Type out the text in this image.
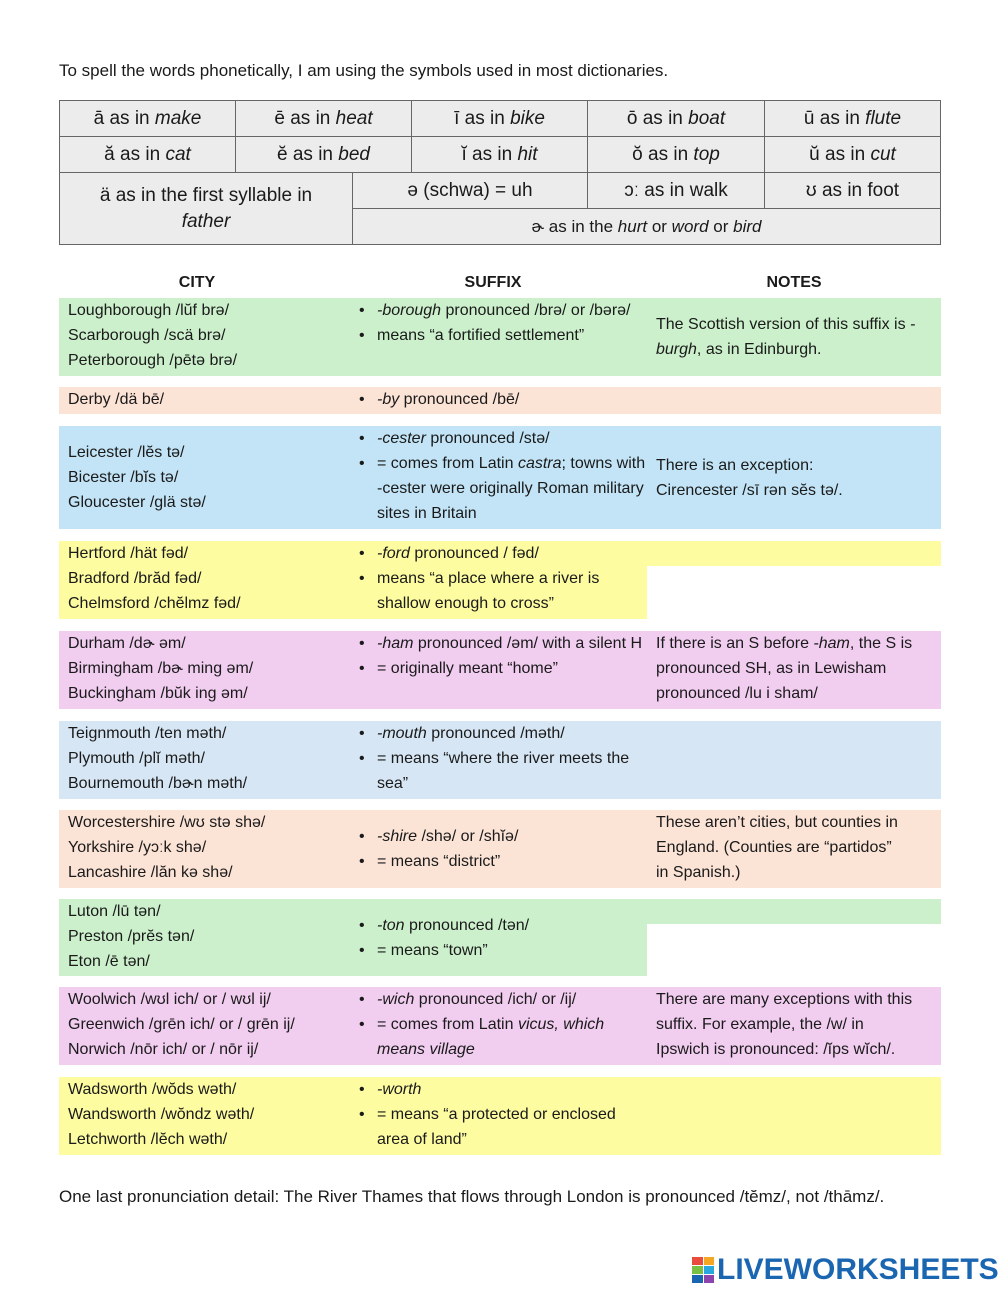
To spell the words phonetically, I am using the symbols used in most dictionaries.
ā
as in
make	ē
as in
heat	ī
as in
bike	ō
as in
boat	ū
as in
flute
ă
as in
cat	ĕ
as in
bed	ĭ
as in
hit	ŏ
as in
top	ŭ
as in
cut
ä as in the first syllable in
father
ə (schwa) = uh	ɔː as in walk	ʊ as in foot
ɚ as in the
hurt
or
word
or
bird
CITY	SUFFIX	NOTES
Loughborough /lŭf brə/
Scarborough /scä brə/
Peterborough /pētə brə/
• -borough pronounced /brə/ or /bərə/
• means “a fortified settlement”
The Scottish version of this suffix is -burgh, as in Edinburgh.
Derby /dä bē/
•	-by pronounced /bē/
Leicester /lĕs tə/
Bicester /bĭs tə/
Gloucester /glä stə/
• -cester pronounced /stə/
• = comes from Latin castra; towns with -cester were originally Roman military sites in Britain
There is an exception:
Cirencester /sī rən sĕs tə/.
Hertford /hät fəd/
Bradford /brăd fəd/
Chelmsford /chĕlmz fəd/
• -ford pronounced / fəd/
• means “a place where a river is shallow enough to cross”
Durham /dɚ əm/
Birmingham /bɚ ming əm/
Buckingham /bŭk ing əm/
• -ham pronounced /əm/ with a silent H
• = originally meant “home”
If there is an S before -ham, the S is
pronounced SH, as in Lewisham
pronounced /lu i sham/
Teignmouth /ten məth/
Plymouth /plĭ məth/
Bournemouth /bɚn məth/
• -mouth pronounced /məth/
• = means “where the river meets the sea”
Worcestershire /wʊ stə shə/
Yorkshire /yɔːk shə/
Lancashire /lăn kə shə/
• -shire /shə/ or /shĭə/
• = means “district”
These aren’t cities, but counties in
England. (Counties are “partidos”
in Spanish.)
Luton /lū tən/
Preston /prĕs tən/
Eton /ē tən/
• -ton pronounced /tən/
• = means “town”
Woolwich /wʊl ich/ or / wʊl ij/
Greenwich /grēn ich/ or / grēn ij/
Norwich /nōr ich/ or / nōr ij/
• -wich pronounced /ich/ or /ij/
• = comes from Latin vicus, which means village
There are many exceptions with this
suffix. For example, the /w/ in
Ipswich is pronounced: /ĭps wĭch/.
Wadsworth /wŏds wəth/
Wandsworth /wŏndz wəth/
Letchworth /lĕch wəth/
• -worth
• = means “a protected or enclosed area of land”
One last pronunciation detail: The River Thames that flows through London is pronounced /tĕmz/, not /thāmz/.
LIVEWORKSHEETS
